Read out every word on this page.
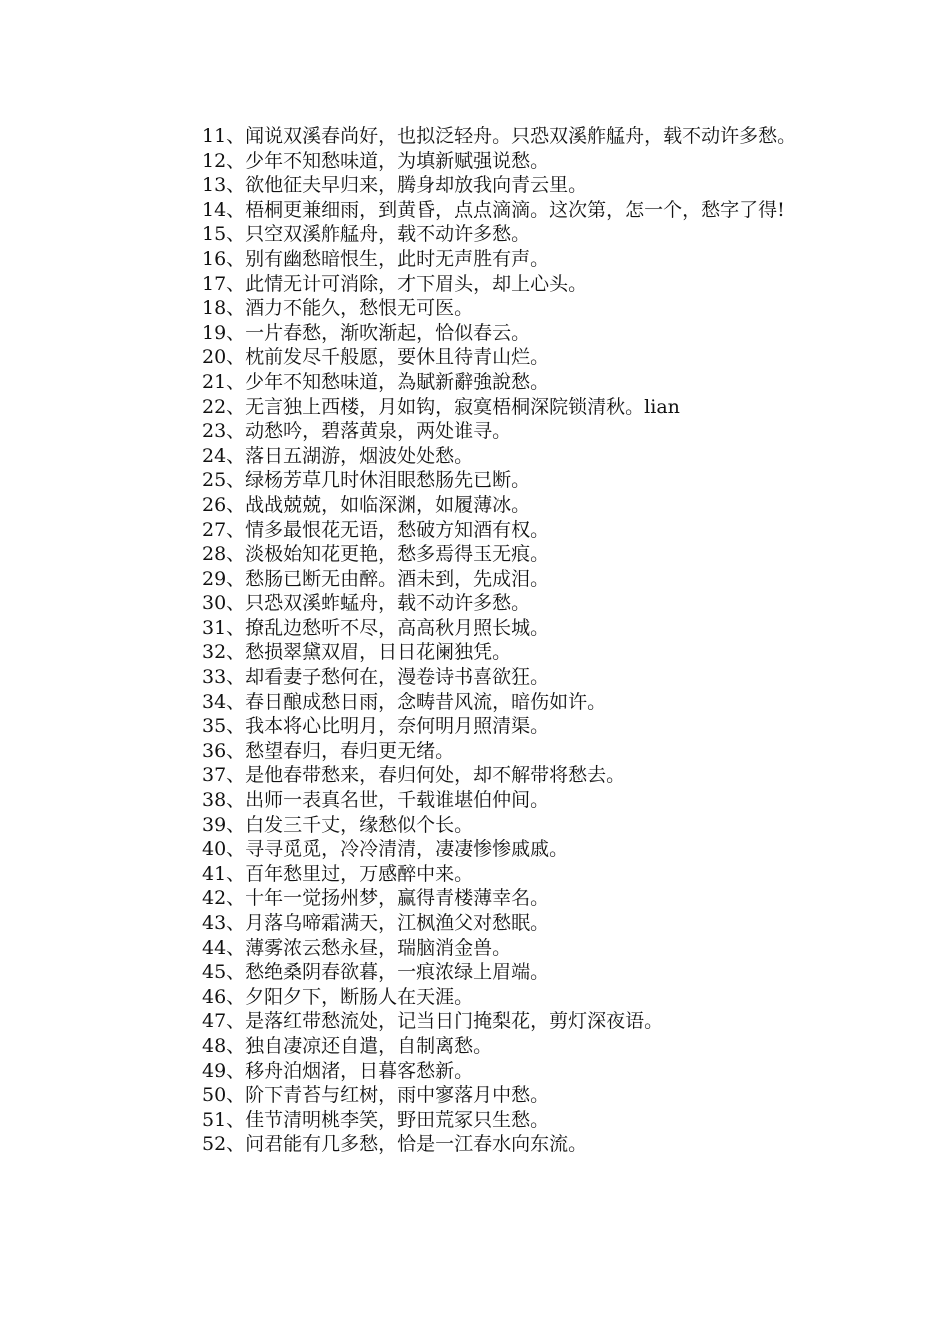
11、闻说双溪春尚好，也拟泛轻舟。只恐双溪舴艋舟，载不动许多愁。

12、少年不知愁味道，为填新赋强说愁。

13、欲他征夫早归来，腾身却放我向青云里。

14、梧桐更兼细雨，到黄昏，点点滴滴。这次第，怎一个，愁字了得!

15、只空双溪舴艋舟，载不动许多愁。

16、别有幽愁暗恨生，此时无声胜有声。

17、此情无计可消除，才下眉头，却上心头。

18、酒力不能久，愁恨无可医。

19、一片春愁，渐吹渐起，恰似春云。

20、枕前发尽千般愿，要休且待青山烂。

21、少年不知愁味道，為賦新辭強說愁。

22、无言独上西楼，月如钩，寂寞梧桐深院锁清秋。lian

23、动愁吟，碧落黄泉，两处谁寻。

24、落日五湖游，烟波处处愁。

25、绿杨芳草几时休泪眼愁肠先已断。

26、战战兢兢，如临深渊，如履薄冰。

27、情多最恨花无语，愁破方知酒有权。

28、淡极始知花更艳，愁多焉得玉无痕。

29、愁肠已断无由醉。酒未到，先成泪。

30、只恐双溪蚱蜢舟，载不动许多愁。

31、撩乱边愁听不尽，高高秋月照长城。

32、愁损翠黛双眉，日日花阑独凭。

33、却看妻子愁何在，漫卷诗书喜欲狂。

34、春日酿成愁日雨，念畴昔风流，暗伤如许。

35、我本将心比明月，奈何明月照清渠。

36、愁望春归，春归更无绪。

37、是他春带愁来，春归何处，却不解带将愁去。

38、出师一表真名世，千载谁堪伯仲间。

39、白发三千丈，缘愁似个长。

40、寻寻觅觅，冷冷清清，凄凄惨惨戚戚。

41、百年愁里过，万感醉中来。

42、十年一觉扬州梦，赢得青楼薄幸名。

43、月落乌啼霜满天，江枫渔父对愁眠。

44、薄雾浓云愁永昼，瑞脑消金兽。

45、愁绝桑阴春欲暮，一痕浓绿上眉端。

46、夕阳夕下，断肠人在天涯。

47、是落红带愁流处，记当日门掩梨花，剪灯深夜语。

48、独自凄凉还自遣，自制离愁。

49、移舟泊烟渚，日暮客愁新。

50、阶下青苔与红树，雨中寥落月中愁。

51、佳节清明桃李笑，野田荒冢只生愁。

52、问君能有几多愁，恰是一江春水向东流。
